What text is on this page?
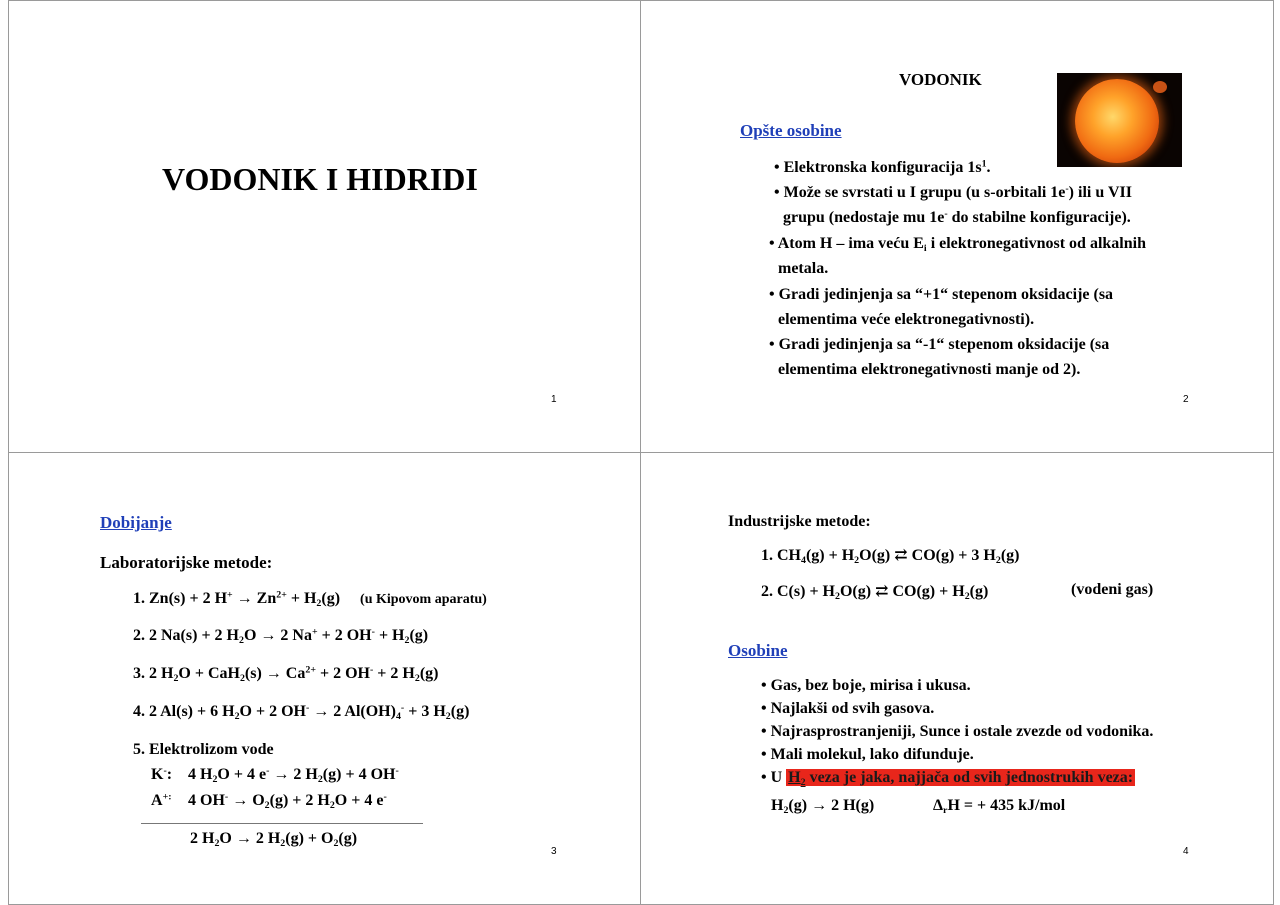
VODONIK I HIDRIDI
1
VODONIK
Opšte osobine
• Elektronska konfiguracija $1s^1$.
• Može se svrstati u I grupu (u s-orbitali 1e-) ili u VII
grupu (nedostaje mu 1e- do stabilne konfiguracije).
• Atom H – ima veću $E_i$ i elektronegativnost od alkalnih
metala.
• Gradi jedinjenja sa “+1“ stepenom oksidacije (sa
elementima veće elektronegativnosti).
• Gradi jedinjenja sa “-1“ stepenom oksidacije (sa
elementima elektronegativnosti manje od 2).
2
Dobijanje
Laboratorijske metode:
1. Zn(s) + 2 $H^+ \to Zn^{2+} + H_2(g)$ (u Kipovom aparatu)
2. 2 Na(s) + 2 $H_2O \to 2$ Na+ + 2 $OH^- + H_2(g)$
3. 2 $H_2O + CaH_2(s) \to Ca^{2+} + 2$ OH- + 2 $H_2(g)$
4. 2 Al(s) + 6 $H_2O + 2$ OH- → 2 $Al(OH)_4^- + 3$ $H_2(g)$
5. Elektrolizom vode
K-: 4 $H_2O + 4$ e- → 2 $H_2(g) + 4$ OH-
A+: 4 $OH^- \to O_2(g) + 2$ $H_2O + 4$ e-
2 $H_2O \to 2$ $H_2(g) + O_2(g)$
3
Industrijske metode:
1. $CH_4(g) + H_2O(g)$ ⇄ CO(g) + 3 $H_2(g)$
2. $C(s) + H_2O(g)$ ⇄ $CO(g) + H_2(g)$	(vodeni gas)
Osobine
• Gas, bez boje, mirisa i ukusa.
• Najlakši od svih gasova.
• Najrasprostranjeniji, Sunce i ostale zvezde od vodonika.
• Mali molekul, lako difunduje.
• U $H_2$ veza je jaka, najjača od svih jednostrukih veza:
$H_2(g) \to 2$ H(g)	$\Delta_rH$ = + 435 kJ/mol
4
